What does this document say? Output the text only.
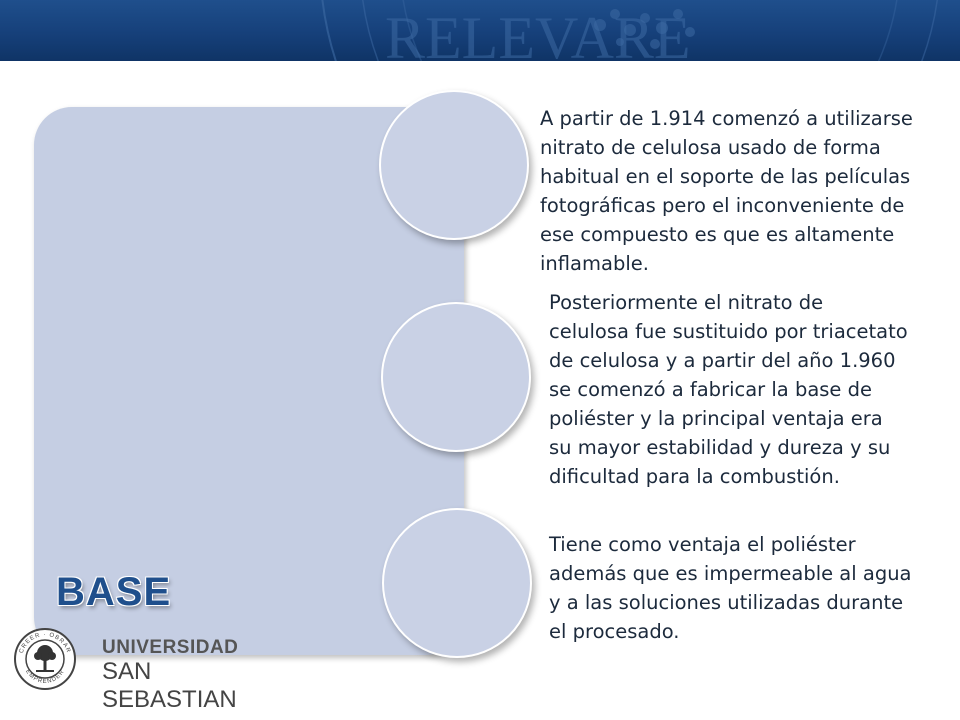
RELEVARE
BASE
A partir de 1.914 comenzó a utilizarse nitrato de celulosa usado de forma habitual en el soporte de las películas fotográficas pero el inconveniente de ese compuesto es que es altamente inflamable.
Posteriormente el nitrato de celulosa fue sustituido por triacetato de celulosa y a partir del año 1.960 se comenzó a fabricar la base de poliéster y la principal ventaja era su mayor estabilidad y dureza y su dificultad para la combustión.
Tiene como ventaja el poliéster además que es impermeable al agua y a las soluciones utilizadas durante el procesado.
CREER · OBRAR
EMPRENDER
UNIVERSIDAD
SAN SEBASTIAN
